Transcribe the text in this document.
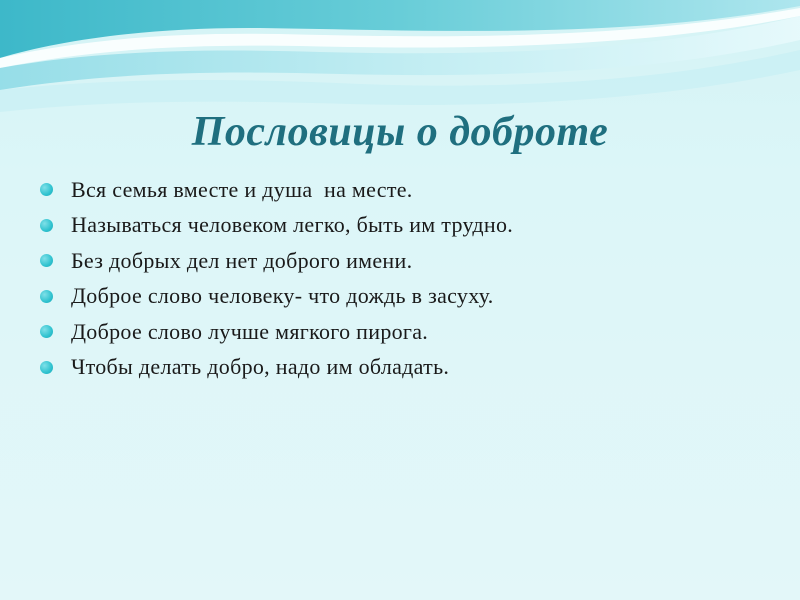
Пословицы о доброте
Вся семья вместе и душа  на месте.
Называться человеком легко, быть им трудно.
Без добрых дел нет доброго имени.
Доброе слово человеку- что дождь в засуху.
Доброе слово лучше мягкого пирога.
Чтобы делать добро, надо им обладать.
